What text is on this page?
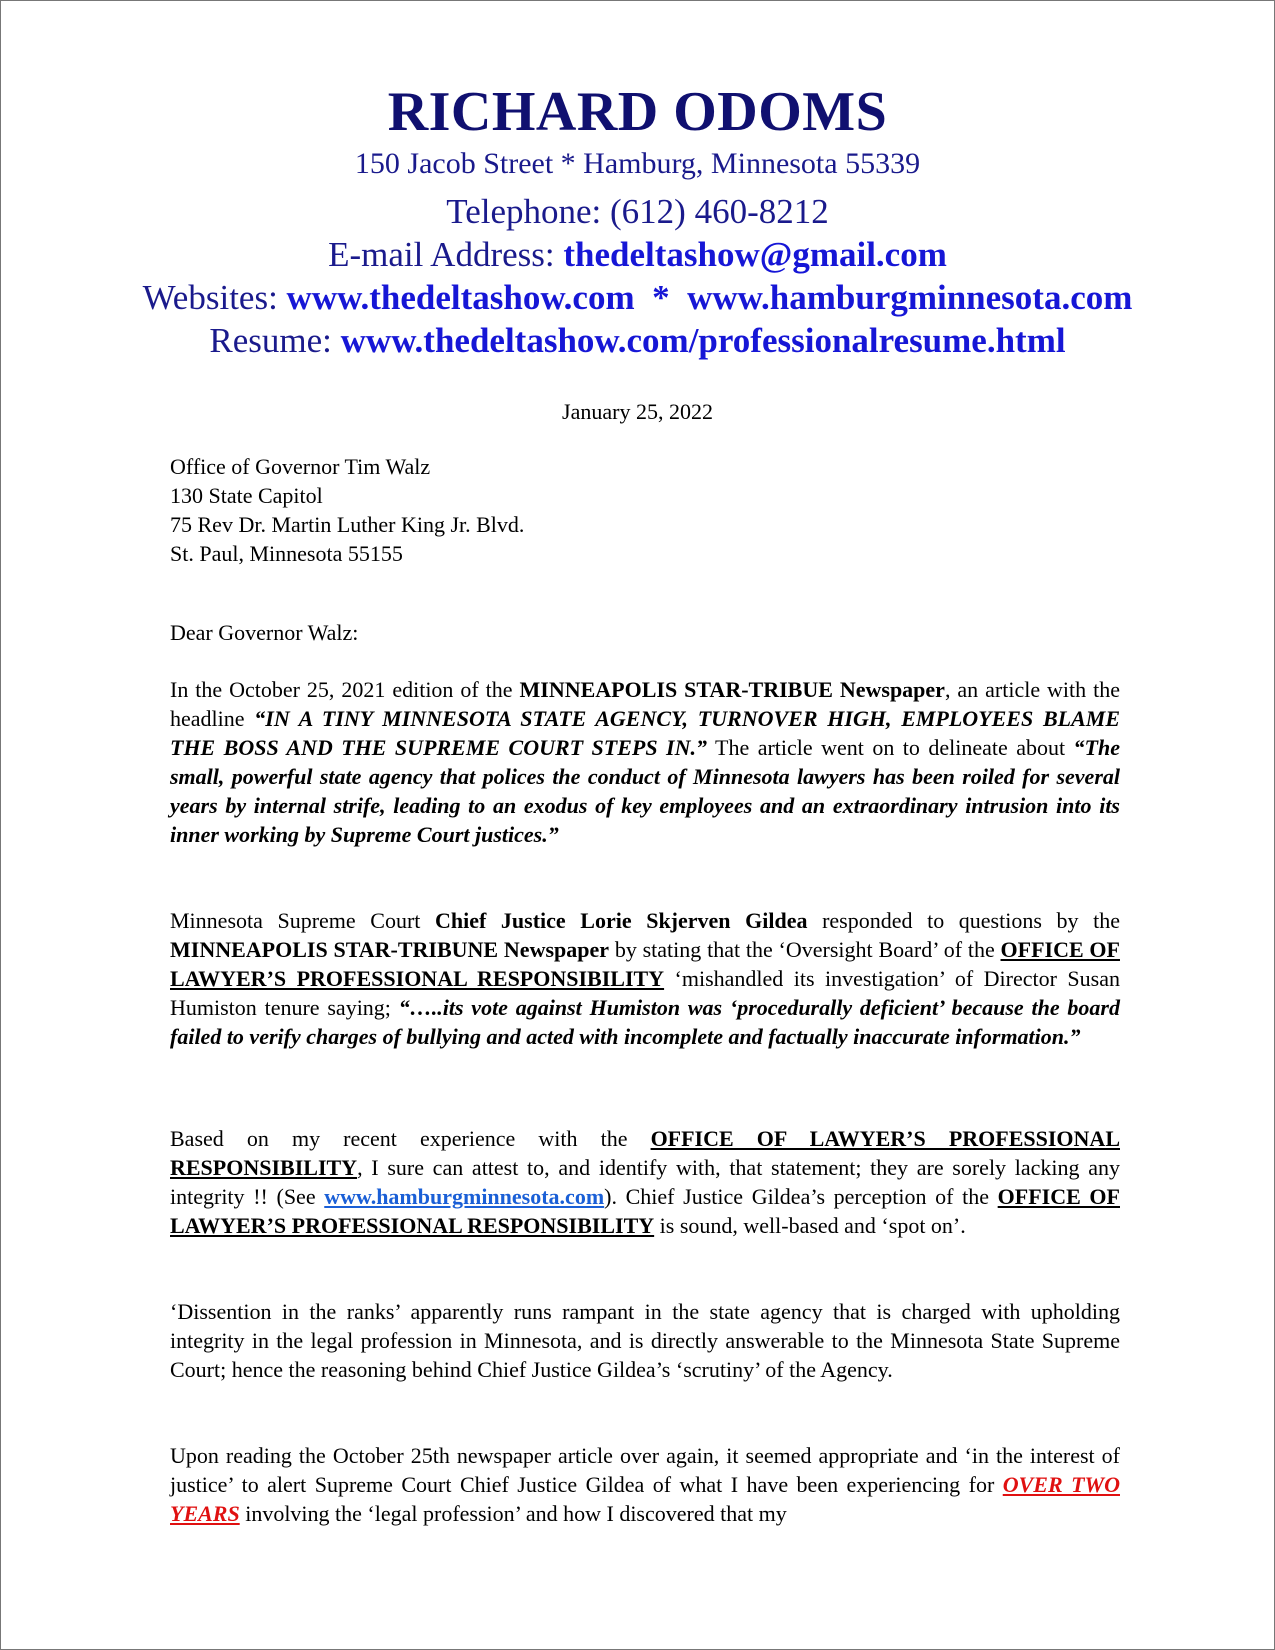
RICHARD ODOMS
150 Jacob Street * Hamburg, Minnesota 55339
Telephone: (612) 460-8212
E-mail Address: thedeltashow@gmail.com
Websites: www.thedeltashow.com  *  www.hamburgminnesota.com
Resume: www.thedeltashow.com/professionalresume.html
January 25, 2022
Office of Governor Tim Walz
130 State Capitol
75 Rev Dr. Martin Luther King Jr. Blvd.
St. Paul, Minnesota 55155
Dear Governor Walz:
In the October 25, 2021 edition of the MINNEAPOLIS STAR-TRIBUE Newspaper, an article with the headline “IN A TINY MINNESOTA STATE AGENCY, TURNOVER HIGH, EMPLOYEES BLAME THE BOSS AND THE SUPREME COURT STEPS IN.” The article went on to delineate about “The small, powerful state agency that polices the conduct of Minnesota lawyers has been roiled for several years by internal strife, leading to an exodus of key employees and an extraordinary intrusion into its inner working by Supreme Court justices.”
Minnesota Supreme Court Chief Justice Lorie Skjerven Gildea responded to questions by the MINNEAPOLIS STAR-TRIBUNE Newspaper by stating that the ‘Oversight Board’ of the OFFICE OF LAWYER’S PROFESSIONAL RESPONSIBILITY ‘mishandled its investigation’ of Director Susan Humiston tenure saying; “…..its vote against Humiston was ‘procedurally deficient’ because the board failed to verify charges of bullying and acted with incomplete and factually inaccurate information.”
Based on my recent experience with the OFFICE OF LAWYER’S PROFESSIONAL RESPONSIBILITY, I sure can attest to, and identify with, that statement; they are sorely lacking any integrity !! (See www.hamburgminnesota.com). Chief Justice Gildea’s perception of the OFFICE OF LAWYER’S PROFESSIONAL RESPONSIBILITY is sound, well-based and ‘spot on’.
‘Dissention in the ranks’ apparently runs rampant in the state agency that is charged with upholding integrity in the legal profession in Minnesota, and is directly answerable to the Minnesota State Supreme Court; hence the reasoning behind Chief Justice Gildea’s ‘scrutiny’ of the Agency.
Upon reading the October 25th newspaper article over again, it seemed appropriate and ‘in the interest of justice’ to alert Supreme Court Chief Justice Gildea of what I have been experiencing for OVER TWO YEARS involving the ‘legal profession’ and how I discovered that my
